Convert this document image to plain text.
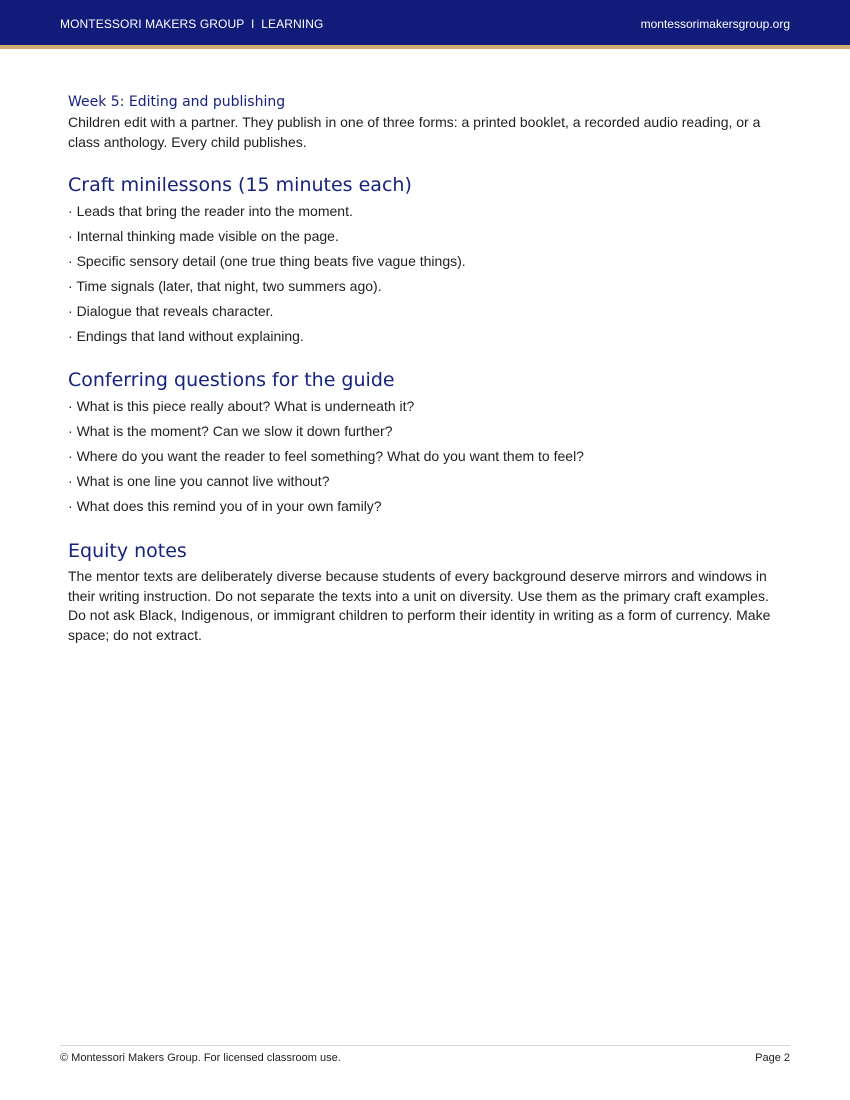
MONTESSORI MAKERS GROUP  I  LEARNING	montessorimakersgroup.org
Week 5: Editing and publishing

Children edit with a partner. They publish in one of three forms: a printed booklet, a recorded audio reading, or a class anthology. Every child publishes.

Craft minilessons (15 minutes each)
· Leads that bring the reader into the moment.
· Internal thinking made visible on the page.
· Specific sensory detail (one true thing beats five vague things).
· Time signals (later, that night, two summers ago).
· Dialogue that reveals character.
· Endings that land without explaining.
Conferring questions for the guide
· What is this piece really about? What is underneath it?
· What is the moment? Can we slow it down further?
· Where do you want the reader to feel something? What do you want them to feel?
· What is one line you cannot live without?
· What does this remind you of in your own family?
Equity notes

The mentor texts are deliberately diverse because students of every background deserve mirrors and windows in their writing instruction. Do not separate the texts into a unit on diversity. Use them as the primary craft examples. Do not ask Black, Indigenous, or immigrant children to perform their identity in writing as a form of currency. Make space; do not extract.

© Montessori Makers Group. For licensed classroom use.	Page 2
